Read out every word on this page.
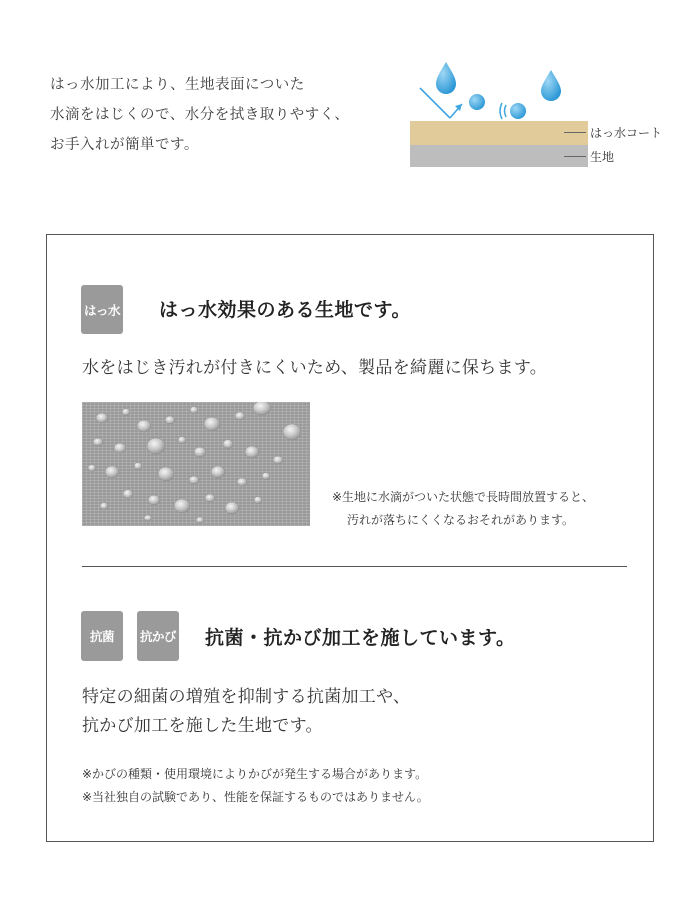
はっ水加工により、生地表面についた
水滴をはじくので、水分を拭き取りやすく、
お手入れが簡単です。
はっ水コート
生地
はっ水 はっ水効果のある生地です。
水をはじき汚れが付きにくいため、製品を綺麗に保ちます。
※生地に水滴がついた状態で長時間放置すると、
汚れが落ちにくくなるおそれがあります。
抗菌	抗かび 抗菌・抗かび加工を施しています。
特定の細菌の増殖を抑制する抗菌加工や、
抗かび加工を施した生地です。
※かびの種類・使用環境によりかびが発生する場合があります。
※当社独自の試験であり、性能を保証するものではありません。
